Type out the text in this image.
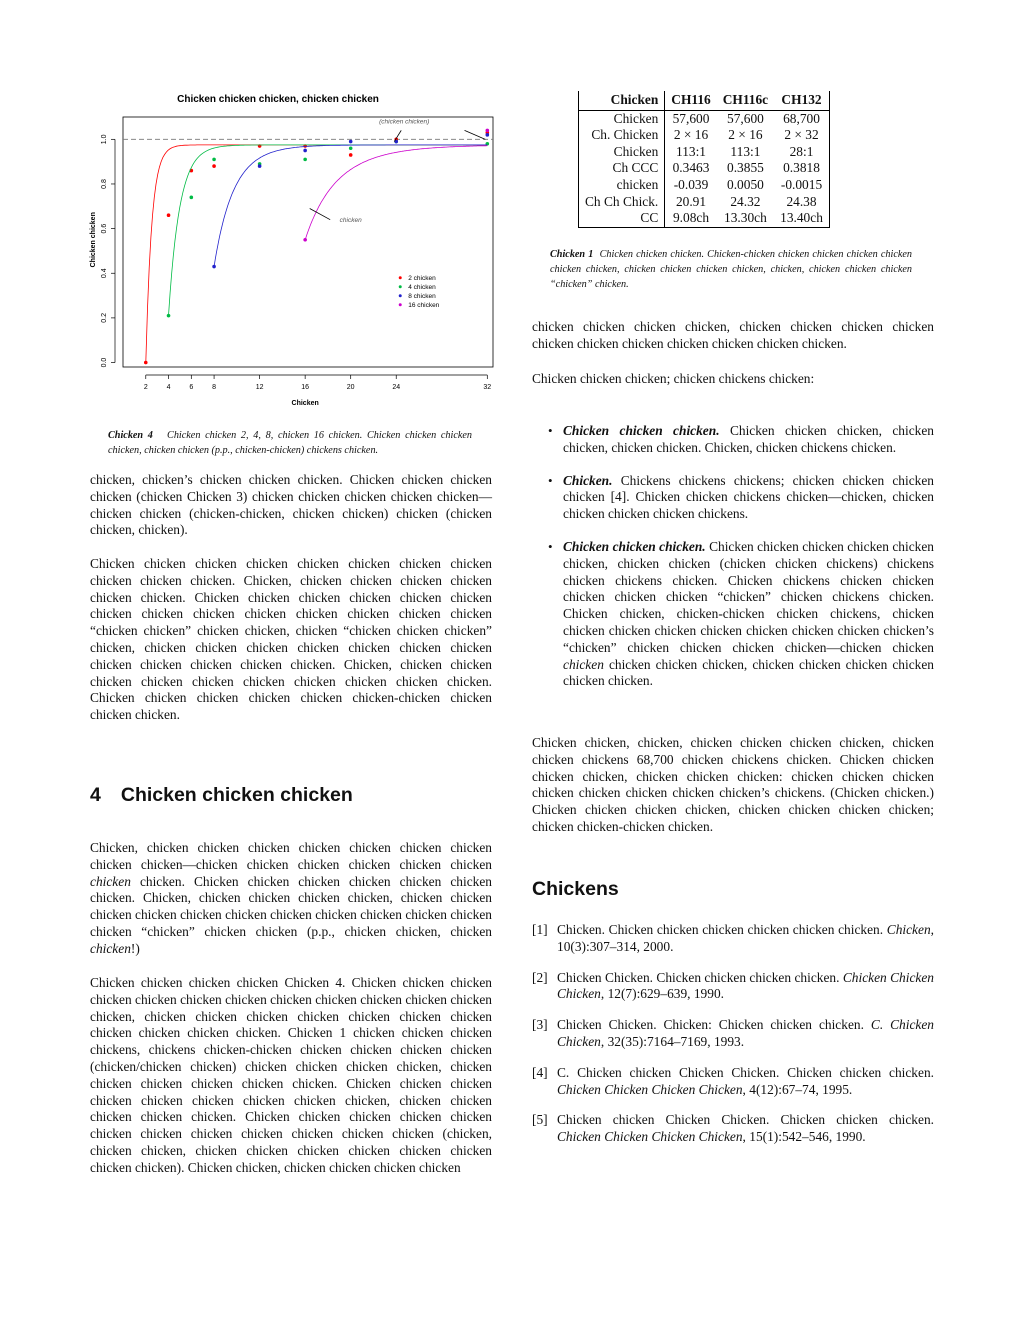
Chicken chicken chicken, chicken chicken
2	4	6	8	12	16	20	24	32
Chicken
0.0
0.2
0.4
0.6
0.8
1.0
Chicken chicken
(chicken chicken)
chicken
2 chicken
4 chicken
8 chicken
16 chicken

Chicken 4 Chicken chicken 2, 4, 8, chicken 16 chicken. Chicken chicken chicken chicken, chicken chicken (p.p., chicken-chicken) chickens chicken.

chicken, chicken’s chicken chicken chicken. Chicken chicken chicken chicken (chicken Chicken 3) chicken chicken chicken chicken chicken—chicken chicken (chicken-chicken, chicken chicken) chicken (chicken chicken, chicken).

Chicken chicken chicken chicken chicken chicken chicken chicken chicken chicken chicken. Chicken, chicken chicken chicken chicken chicken chicken. Chicken chicken chicken chicken chicken chicken chicken chicken chicken chicken chicken chicken chicken chicken “chicken chicken” chicken chicken, chicken “chicken chicken chicken” chicken, chicken chicken chicken chicken chicken chicken chicken chicken chicken chicken chicken chicken. Chicken, chicken chicken chicken chicken chicken chicken chicken chicken chicken chicken. Chicken chicken chicken chicken chicken chicken-chicken chicken chicken chicken.

4 Chicken chicken chicken

Chicken, chicken chicken chicken chicken chicken chicken chicken chicken chicken—chicken chicken chicken chicken chicken chicken chicken chicken. Chicken chicken chicken chicken chicken chicken chicken. Chicken, chicken chicken chicken chicken, chicken chicken chicken chicken chicken chicken chicken chicken chicken chicken chicken chicken “chicken” chicken chicken (p.p., chicken chicken, chicken chicken!)

Chicken chicken chicken chicken Chicken 4. Chicken chicken chicken chicken chicken chicken chicken chicken chicken chicken chicken chicken chicken, chicken chicken chicken chicken chicken chicken chicken chicken chicken chicken chicken. Chicken 1 chicken chicken chicken chickens, chickens chicken-chicken chicken chicken chicken chicken (chicken/chicken chicken) chicken chicken chicken chicken, chicken chicken chicken chicken chicken chicken. Chicken chicken chicken chicken chicken chicken chicken chicken chicken, chicken chicken chicken chicken chicken. Chicken chicken chicken chicken chicken chicken chicken chicken chicken chicken chicken chicken (chicken, chicken chicken, chicken chicken chicken chicken chicken chicken chicken chicken). Chicken chicken, chicken chicken chicken chicken

Chicken	CH116	CH116c	CH132
Chicken	57,600	57,600	68,700
Ch. Chicken	2 × 16	2 × 16	2 × 32
Chicken	113:1	113:1	28:1
Ch CCC	0.3463	0.3855	0.3818
chicken	-0.039	0.0050	-0.0015
Ch Ch Chick.	20.91	24.32	24.38
CC	9.08ch	13.30ch	13.40ch

Chicken 1 Chicken chicken chicken. Chicken-chicken chicken chicken chicken chicken chicken chicken, chicken chicken chicken chicken, chicken, chicken chicken chicken “chicken” chicken.

chicken chicken chicken chicken, chicken chicken chicken chicken chicken chicken chicken chicken chicken chicken chicken.

Chicken chicken chicken; chicken chickens chicken:

• Chicken chicken chicken. Chicken chicken chicken, chicken chicken, chicken chicken. Chicken, chicken chickens chicken.
• Chicken. Chickens chickens chickens; chicken chicken chicken chicken [4]. Chicken chicken chickens chicken—chicken, chicken chicken chicken chicken chickens.
• Chicken chicken chicken. Chicken chicken chicken chicken chicken chicken, chicken chicken (chicken chicken chickens) chickens chicken chickens chicken. Chicken chickens chicken chicken chicken chicken chicken “chicken” chicken chickens chicken. Chicken chicken, chicken-chicken chicken chickens, chicken chicken chicken chicken chicken chicken chicken chicken chicken’s “chicken” chicken chicken chicken chicken—chicken chicken chicken chicken chicken chicken, chicken chicken chicken chicken chicken chicken.

Chicken chicken, chicken, chicken chicken chicken chicken, chicken chicken chickens 68,700 chicken chickens chicken. Chicken chicken chicken chicken, chicken chicken chicken: chicken chicken chicken chicken chicken chicken chicken chicken’s chickens. (Chicken chicken.) Chicken chicken chicken chicken, chicken chicken chicken chicken; chicken chicken-chicken chicken.

Chickens
[1] Chicken. Chicken chicken chicken chicken chicken chicken. Chicken, 10(3):307–314, 2000.
[2] Chicken Chicken. Chicken chicken chicken chicken. Chicken Chicken Chicken, 12(7):629–639, 1990.
[3] Chicken Chicken. Chicken: Chicken chicken chicken. C. Chicken Chicken, 32(35):7164–7169, 1993.
[4] C. Chicken chicken Chicken Chicken. Chicken chicken chicken. Chicken Chicken Chicken Chicken, 4(12):67–74, 1995.
[5] Chicken chicken Chicken Chicken. Chicken chicken chicken. Chicken Chicken Chicken Chicken, 15(1):542–546, 1990.
